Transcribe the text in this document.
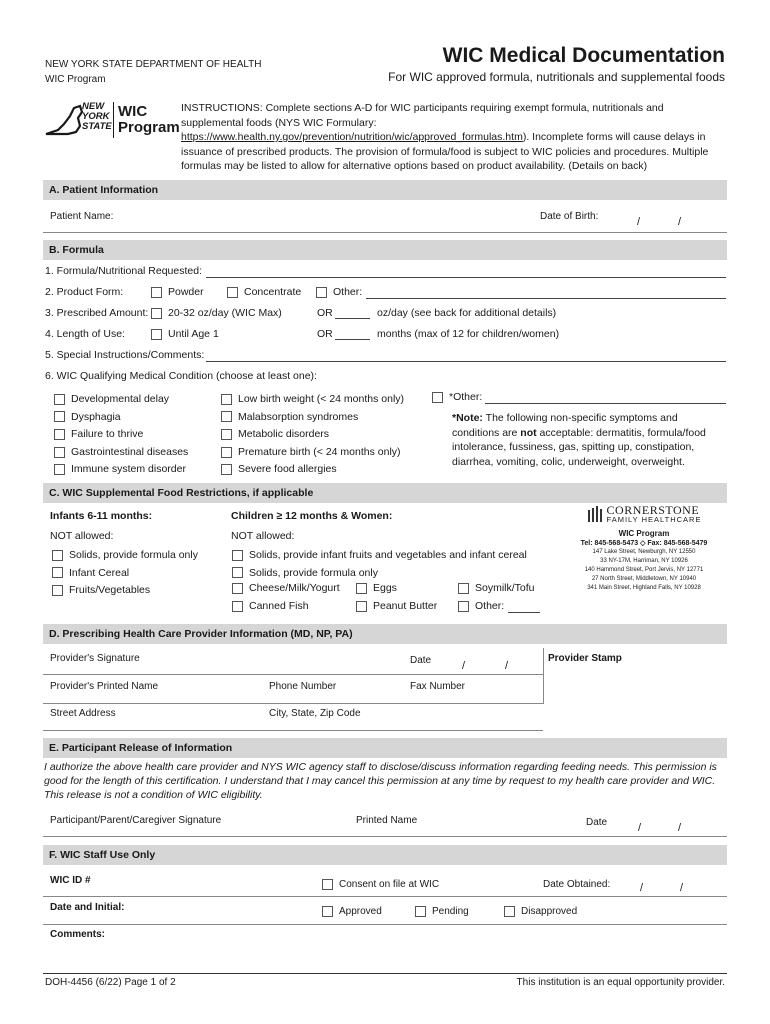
NEW YORK STATE DEPARTMENT OF HEALTH
WIC Program
WIC Medical Documentation
For WIC approved formula, nutritionals and supplemental foods
NEW
YORK
STATE
WIC
Program
INSTRUCTIONS: Complete sections A-D for WIC participants requiring exempt formula, nutritionals and supplemental foods (NYS WIC Formulary: https://www.health.ny.gov/prevention/nutrition/wic/approved_formulas.htm). Incomplete forms will cause delays in issuance of prescribed products. The provision of formula/food is subject to WIC policies and procedures. Multiple formulas may be listed to allow for alternative options based on product availability. (Details on back)
A. Patient Information
Patient Name:	Date of Birth:	/	/
B. Formula
1. Formula/Nutritional Requested:
2. Product Form:	Powder	Concentrate	Other:
3. Prescribed Amount:	20-32 oz/day (WIC Max)	OR	oz/day (see back for additional details)
4. Length of Use:	Until Age 1	OR	months (max of 12 for children/women)
5. Special Instructions/Comments:
6. WIC Qualifying Medical Condition (choose at least one):
Developmental delay
Dysphagia
Failure to thrive
Gastrointestinal diseases
Immune system disorder
Low birth weight (< 24 months only)
Malabsorption syndromes
Metabolic disorders
Premature birth (< 24 months only)
Severe food allergies
*Other:
*Note: The following non-specific symptoms and conditions are not acceptable: dermatitis, formula/food intolerance, fussiness, gas, spitting up, constipation, diarrhea, vomiting, colic, underweight, overweight.
C. WIC Supplemental Food Restrictions, if applicable
Infants 6-11 months:	Children ≥ 12 months & Women:
NOT allowed:	NOT allowed:
Solids, provide formula only
Infant Cereal
Fruits/Vegetables
Solids, provide infant fruits and vegetables and infant cereal
Solids, provide formula only
Cheese/Milk/Yogurt	Eggs	Soymilk/Tofu
Canned Fish	Peanut Butter	Other:
CORNERSTONE
FAMILY HEALTHCARE
WIC Program
Tel: 845-568-5473 ◇ Fax: 845-568-5479
147 Lake Street, Newburgh, NY 12550
33 NY-17M, Harriman, NY 10926
140 Hammond Street, Port Jervis, NY 12771
27 North Street, Middletown, NY 10940
341 Main Street, Highland Falls, NY 10928
D. Prescribing Health Care Provider Information (MD, NP, PA)
Provider's Signature	Date	/	/
Provider Stamp
Provider's Printed Name	Phone Number	Fax Number
Street Address	City, State, Zip Code
E. Participant Release of Information
I authorize the above health care provider and NYS WIC agency staff to disclose/discuss information regarding feeding needs. This permission is good for the length of this certification. I understand that I may cancel this permission at any time by request to my health care provider and WIC. This release is not a condition of WIC eligibility.
Participant/Parent/Caregiver Signature	Printed Name	Date	/	/
F. WIC Staff Use Only
WIC ID #	Consent on file at WIC	Date Obtained:	/	/
Date and Initial:	Approved	Pending	Disapproved
Comments:
DOH-4456 (6/22) Page 1 of 2	This institution is an equal opportunity provider.
